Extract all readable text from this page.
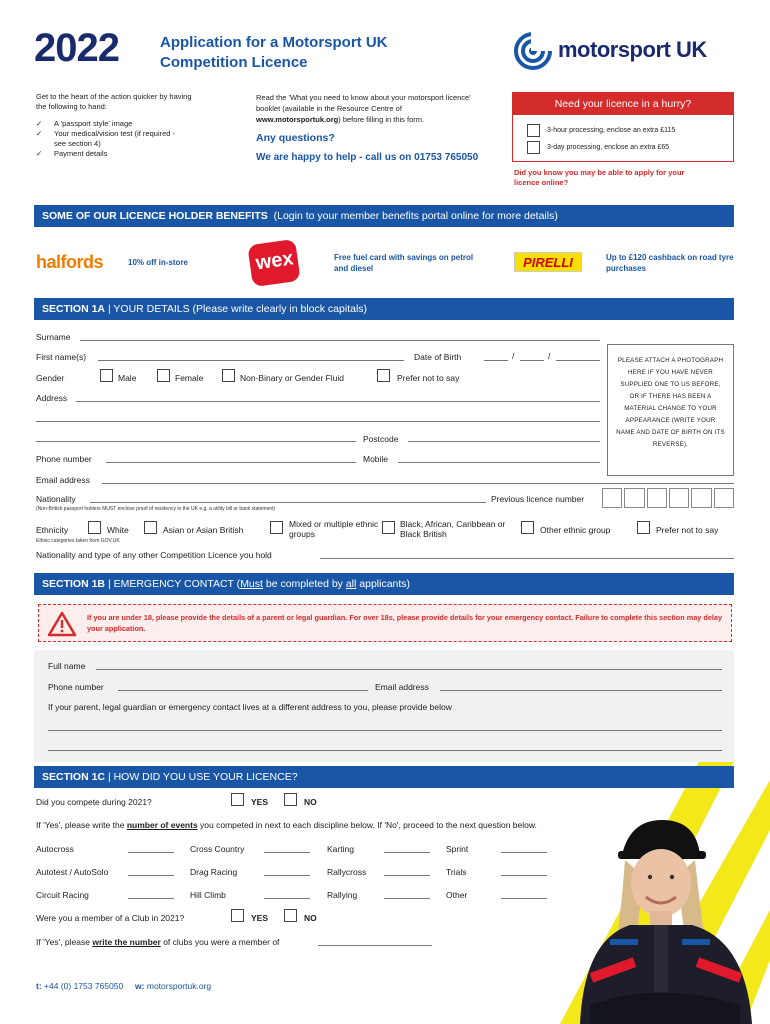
2022	Application for a Motorsport UK
Competition Licence
motorsport UK
Get to the heart of the action quicker by having the following to hand:
✓ A 'passport style' image
✓ Your medical/vision test (if required - see section 4)
✓ Payment details
Read the 'What you need to know about your motorsport licence' booklet (available in the Resource Centre of www.motorsportuk.org) before filling in this form.
Any questions?
We are happy to help - call us on 01753 765050
Need your licence in a hurry?
3-hour processing, enclose an extra £115
3-day processing, enclose an extra £65
Did you know you may be able to apply for your licence online?
SOME OF OUR LICENCE HOLDER BENEFITS (Login to your member benefits portal online for more details)
halfords	10% off in-store	wex	Free fuel card with savings on petrol and diesel	PIRELLI	Up to £120 cashback on road tyre purchases
SECTION 1A | YOUR DETAILS (Please write clearly in block capitals)
Surname
First name(s)	Date of Birth	/	/	PLEASE ATTACH A PHOTOGRAPH HERE IF YOU HAVE NEVER SUPPLIED ONE TO US BEFORE, OR IF THERE HAS BEEN A MATERIAL CHANGE TO YOUR APPEARANCE (WRITE YOUR NAME AND DATE OF BIRTH ON ITS REVERSE).
Gender	Male	Female	Non-Binary or Gender Fluid	Prefer not to say
Address
Postcode
Phone number	Mobile
Email address
Nationality
(Non-British passport holders MUST enclose proof of residency in the UK e.g. a utility bill or bank statement)
Previous licence number
Ethnicity
Ethnic categories taken from GOV.UK
White	Asian or Asian British
Mixed or multiple ethnic groups
Black, African, Caribbean or Black British	Other ethnic group	Prefer not to say
Nationality and type of any other Competition Licence you hold
SECTION 1B | EMERGENCY CONTACT (Must be completed by all applicants)
If you are under 18, please provide the details of a parent or legal guardian. For over 18s, please provide details for your emergency contact. Failure to complete this section may delay your application.
Full name
Phone number	Email address
If your parent, legal guardian or emergency contact lives at a different address to you, please provide below
SECTION 1C | HOW DID YOU USE YOUR LICENCE?
Did you compete during 2021?	YES	NO
If 'Yes', please write the number of events you competed in next to each discipline below. If 'No', proceed to the next question below.
Autocross	Cross Country	Karting	Sprint
Autotest / AutoSolo	Drag Racing	Rallycross	Trials
Circuit Racing	Hill Climb	Rallying	Other
Were you a member of a Club in 2021?	YES	NO
If 'Yes', please write the number of clubs you were a member of
t: +44 (0) 1753 765050 w: motorsportuk.org
